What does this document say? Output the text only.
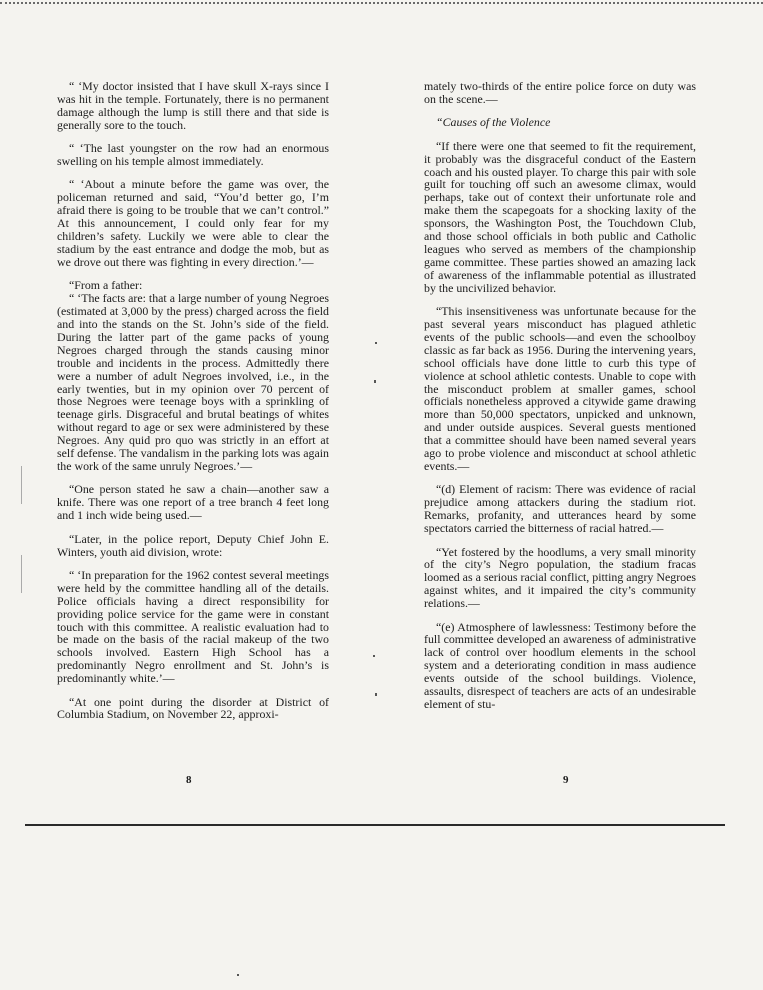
“ ‘My doctor insisted that I have skull X-rays since I was hit in the temple. Fortunately, there is no permanent damage although the lump is still there and that side is generally sore to the touch.

“ ‘The last youngster on the row had an enormous swelling on his temple almost immediately.

“ ‘About a minute before the game was over, the policeman returned and said, “You’d better go, I’m afraid there is going to be trouble that we can’t control.” At this announcement, I could only fear for my children’s safety. Luckily we were able to clear the stadium by the east entrance and dodge the mob, but as we drove out there was fighting in every direction.’—

“From a father:

“ ‘The facts are: that a large number of young Negroes (estimated at 3,000 by the press) charged across the field and into the stands on the St. John’s side of the field. During the latter part of the game packs of young Negroes charged through the stands causing minor trouble and incidents in the process. Admittedly there were a number of adult Negroes involved, i.e., in the early twenties, but in my opinion over 70 percent of those Negroes were teenage boys with a sprinkling of teenage girls. Disgraceful and brutal beatings of whites without regard to age or sex were administered by these Negroes. Any quid pro quo was strictly in an effort at self defense. The vandalism in the parking lots was again the work of the same unruly Negroes.’—

“One person stated he saw a chain—another saw a knife. There was one report of a tree branch 4 feet long and 1 inch wide being used.—

“Later, in the police report, Deputy Chief John E. Winters, youth aid division, wrote:

“ ‘In preparation for the 1962 contest several meetings were held by the committee handling all of the details. Police officials having a direct responsibility for providing police service for the game were in constant touch with this committee. A realistic evaluation had to be made on the basis of the racial makeup of the two schools involved. Eastern High School has a predominantly Negro enrollment and St. John’s is predominantly white.’—

“At one point during the disorder at District of Columbia Stadium, on November 22, approxi-

mately two-thirds of the entire police force on duty was on the scene.—

“Causes of the Violence

“If there were one that seemed to fit the requirement, it probably was the disgraceful conduct of the Eastern coach and his ousted player. To charge this pair with sole guilt for touching off such an awesome climax, would perhaps, take out of context their unfortunate role and make them the scapegoats for a shocking laxity of the sponsors, the Washington Post, the Touchdown Club, and those school officials in both public and Catholic leagues who served as members of the championship game committee. These parties showed an amazing lack of awareness of the inflammable potential as illustrated by the uncivilized behavior.

“This insensitiveness was unfortunate because for the past several years misconduct has plagued athletic events of the public schools—and even the schoolboy classic as far back as 1956. During the intervening years, school officials have done little to curb this type of violence at school athletic contests. Unable to cope with the misconduct problem at smaller games, school officials nonetheless approved a citywide game drawing more than 50,000 spectators, unpicked and unknown, and under outside auspices. Several guests mentioned that a committee should have been named several years ago to probe violence and misconduct at school athletic events.—

“(d) Element of racism: There was evidence of racial prejudice among attackers during the stadium riot. Remarks, profanity, and utterances heard by some spectators carried the bitterness of racial hatred.—

“Yet fostered by the hoodlums, a very small minority of the city’s Negro population, the stadium fracas loomed as a serious racial conflict, pitting angry Negroes against whites, and it impaired the city’s community relations.—

“(e) Atmosphere of lawlessness: Testimony before the full committee developed an awareness of administrative lack of control over hoodlum elements in the school system and a deteriorating condition in mass audience events outside of the school buildings. Violence, assaults, disrespect of teachers are acts of an undesirable element of stu-

8	9
